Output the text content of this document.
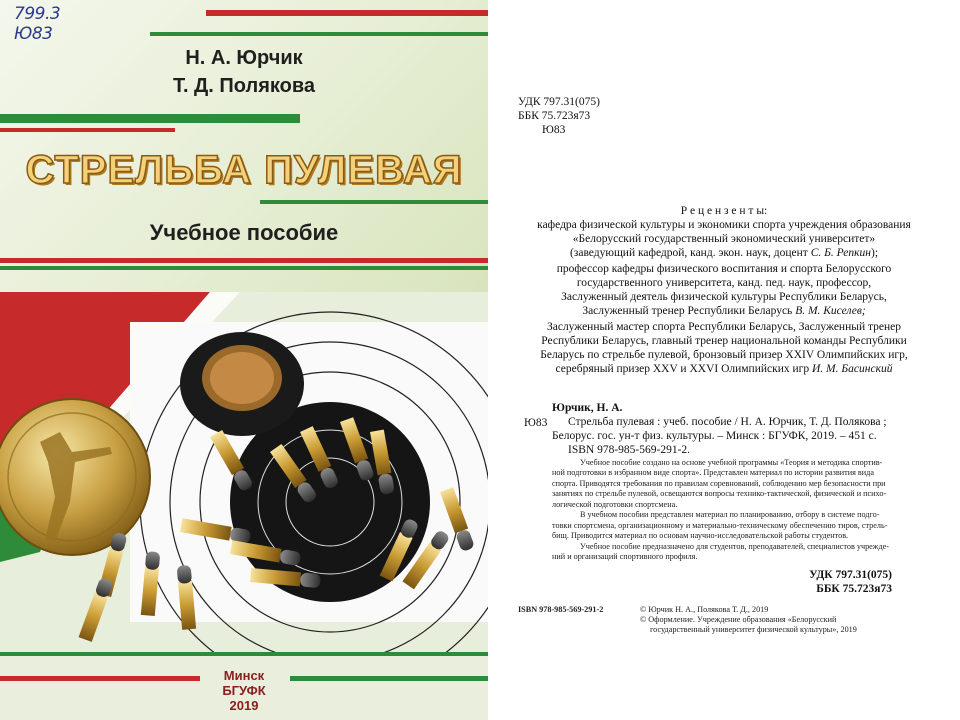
799.3
Ю83
Н. А. Юрчик
Т. Д. Полякова
СТРЕЛЬБА ПУЛЕВАЯ
Учебное пособие
Минск
БГУФК
2019
УДК 797.31(075)
ББК 75.723я73
Ю83
Р е ц е н з е н т ы:
кафедра физической культуры и экономики спорта учреждения образования
«Белорусский государственный экономический университет»
(заведующий кафедрой, канд. экон. наук, доцент С. Б. Репкин);
профессор кафедры физического воспитания и спорта Белорусского
государственного университета, канд. пед. наук, профессор,
Заслуженный деятель физической культуры Республики Беларусь,
Заслуженный тренер Республики Беларусь В. М. Киселев;
Заслуженный мастер спорта Республики Беларусь, Заслуженный тренер
Республики Беларусь, главный тренер национальной команды Республики
Беларусь по стрельбе пулевой, бронзовый призер XXIV Олимпийских игр,
серебряный призер XXV и XXVI Олимпийских игр И. М. Басинский
Ю83
Юрчик, Н. А.
Стрельба пулевая : учеб. пособие / Н. А. Юрчик, Т. Д. Полякова ;
Белорус. гос. ун-т физ. культуры. – Минск : БГУФК, 2019. – 451 с.
ISBN 978-985-569-291-2.
Учебное пособие создано на основе учебной программы «Теория и методика спортив-
ной подготовки в избранном виде спорта». Представлен материал по истории развития вида
спорта. Приводятся требования по правилам соревнований, соблюдению мер безопасности при
занятиях по стрельбе пулевой, освещаются вопросы технико-тактической, физической и психо-
логической подготовки спортсмена.
В учебном пособии представлен материал по планированию, отбору в системе подго-
товки спортсмена, организационному и материально-техническому обеспечению тиров, стрель-
бищ. Приводится материал по основам научно-исследовательской работы студентов.
Учебное пособие предназначено для студентов, преподавателей, специалистов учрежде-
ний и организаций спортивного профиля.
УДК 797.31(075)
ББК 75.723я73
ISBN 978-985-569-291-2	© Юрчик Н. А., Полякова Т. Д., 2019
© Оформление. Учреждение образования «Белорусский
государственный университет физической культуры», 2019
